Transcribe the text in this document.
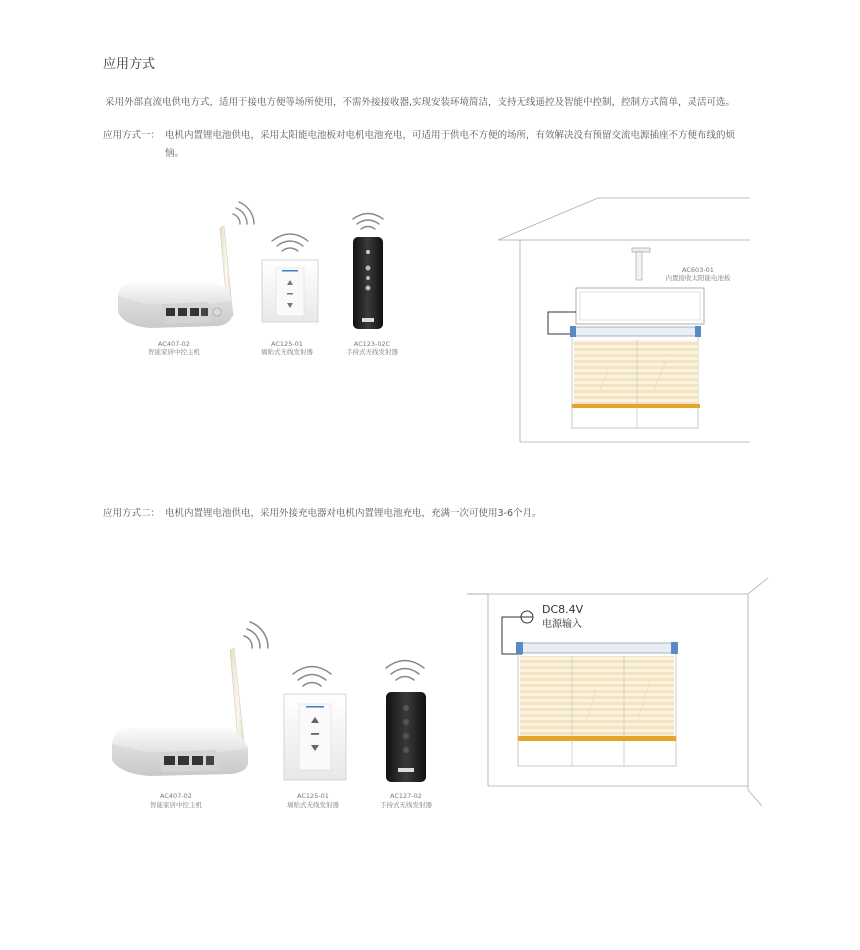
应用方式
采用外部直流电供电方式，适用于接电方便等场所使用，不需外接接收器,实现安装环境简洁，支持无线遥控及智能中控制，控制方式简单，灵活可选。
应用方式一： 电机内置锂电池供电，采用太阳能电池板对电机电池充电，可适用于供电不方便的场所，有效解决没有预留交流电源插座不方便布线的烦恼。
应用方式二： 电机内置锂电池供电，采用外接充电器对电机内置锂电池充电，充满一次可使用3-6个月。
AC407-02
智能家居中控主机
AC125-01
墙贴式无线发射器
AC123-02C
手持式无线发射器
AC603-01
内置接收太阳能电池板
AC407-02
智能家居中控主机
AC125-01
墙贴式无线发射器
AC127-02
手持式无线发射器
DC8.4V
电源输入
